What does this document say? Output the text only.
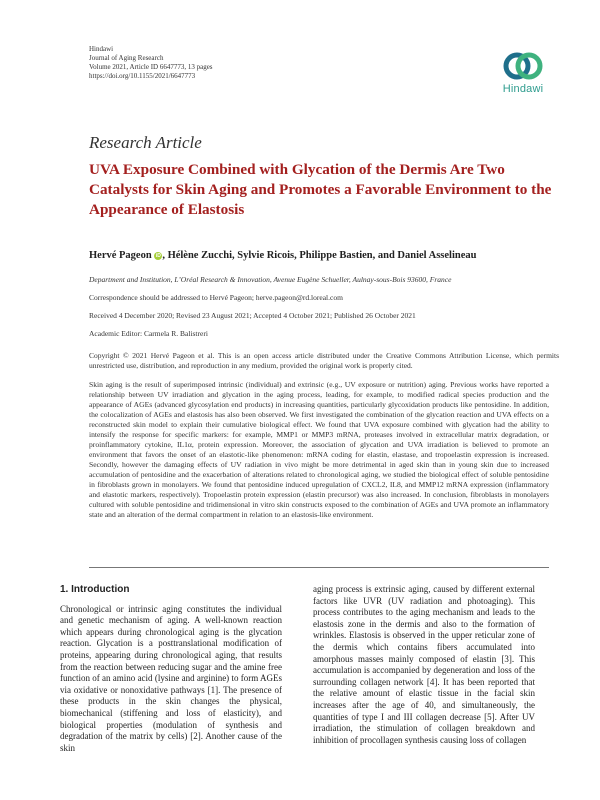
Hindawi
Journal of Aging Research
Volume 2021, Article ID 6647773, 13 pages
https://doi.org/10.1155/2021/6647773
Hindawi
Research Article
UVA Exposure Combined with Glycation of the Dermis Are Two Catalysts for Skin Aging and Promotes a Favorable Environment to the Appearance of Elastosis
Hervé Pageon iD , Hélène Zucchi, Sylvie Ricois, Philippe Bastien, and Daniel Asselineau
Department and Institution, L’Oréal Research & Innovation, Avenue Eugène Schueller, Aulnay-sous-Bois 93600, France
Correspondence should be addressed to Hervé Pageon; herve.pageon@rd.loreal.com
Received 4 December 2020; Revised 23 August 2021; Accepted 4 October 2021; Published 26 October 2021
Academic Editor: Carmela R. Balistreri
Copyright © 2021 Hervé Pageon et al. This is an open access article distributed under the Creative Commons Attribution License, which permits unrestricted use, distribution, and reproduction in any medium, provided the original work is properly cited.
Skin aging is the result of superimposed intrinsic (individual) and extrinsic (e.g., UV exposure or nutrition) aging. Previous works have reported a relationship between UV irradiation and glycation in the aging process, leading, for example, to modified radical species production and the appearance of AGEs (advanced glycosylation end products) in increasing quantities, particularly glycoxidation products like pentosidine. In addition, the colocalization of AGEs and elastosis has also been observed. We first investigated the combination of the glycation reaction and UVA effects on a reconstructed skin model to explain their cumulative biological effect. We found that UVA exposure combined with glycation had the ability to intensify the response for specific markers: for example, MMP1 or MMP3 mRNA, proteases involved in extracellular matrix degradation, or proinflammatory cytokine, IL1α, protein expression. Moreover, the association of glycation and UVA irradiation is believed to promote an environment that favors the onset of an elastotic-like phenomenon: mRNA coding for elastin, elastase, and tropoelastin expression is increased. Secondly, however the damaging effects of UV radiation in vivo might be more detrimental in aged skin than in young skin due to increased accumulation of pentosidine and the exacerbation of alterations related to chronological aging, we studied the biological effect of soluble pentosidine in fibroblasts grown in monolayers. We found that pentosidine induced upregulation of CXCL2, IL8, and MMP12 mRNA expression (inflammatory and elastotic markers, respectively). Tropoelastin protein expression (elastin precursor) was also increased. In conclusion, fibroblasts in monolayers cultured with soluble pentosidine and tridimensional in vitro skin constructs exposed to the combination of AGEs and UVA promote an inflammatory state and an alteration of the dermal compartment in relation to an elastosis-like environment.
1. Introduction

Chronological or intrinsic aging constitutes the individual and genetic mechanism of aging. A well-known reaction which appears during chronological aging is the glycation reaction. Glycation is a posttranslational modification of proteins, appearing during chronological aging, that results from the reaction between reducing sugar and the amine free function of an amino acid (lysine and arginine) to form AGEs via oxidative or nonoxidative pathways [1]. The presence of these products in the skin changes the physical, biomechanical (stiffening and loss of elasticity), and biological properties (modulation of synthesis and degradation of the matrix by cells) [2]. Another cause of the skin

aging process is extrinsic aging, caused by different external factors like UVR (UV radiation and photoaging). This process contributes to the aging mechanism and leads to the elastosis zone in the dermis and also to the formation of wrinkles. Elastosis is observed in the upper reticular zone of the dermis which contains fibers accumulated into amorphous masses mainly composed of elastin [3]. This accumulation is accompanied by degeneration and loss of the surrounding collagen network [4]. It has been reported that the relative amount of elastic tissue in the facial skin increases after the age of 40, and simultaneously, the quantities of type I and III collagen decrease [5]. After UV irradiation, the stimulation of collagen breakdown and inhibition of procollagen synthesis causing loss of collagen
